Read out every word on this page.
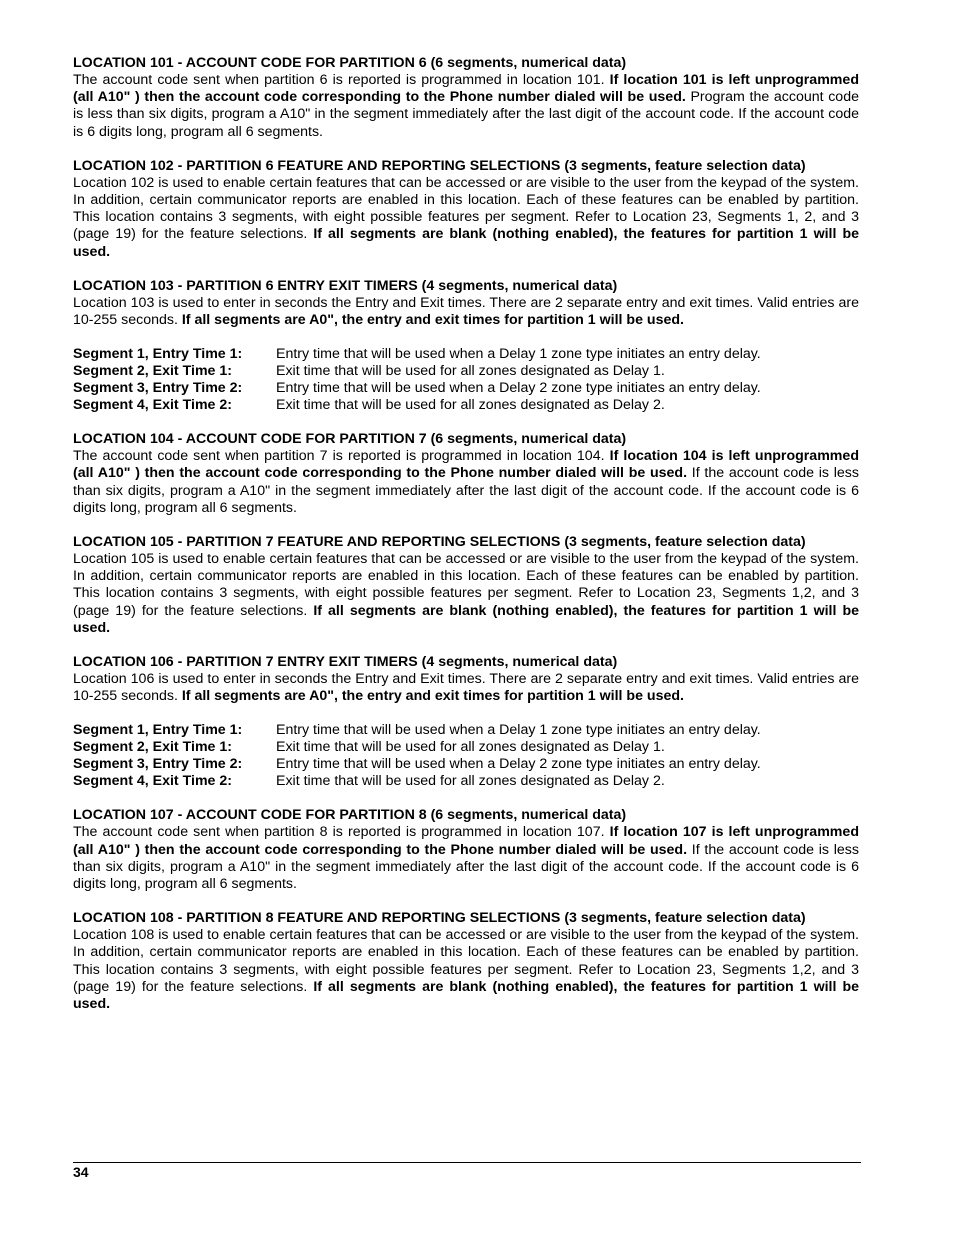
LOCATION 101 - ACCOUNT CODE FOR PARTITION 6 (6 segments, numerical data)

The account code sent when partition 6 is reported is programmed in location 101. If location 101 is left unprogrammed (all A10" ) then the account code corresponding to the Phone number dialed will be used. Program the account code is less than six digits, program a A10" in the segment immediately after the last digit of the account code. If the account code is 6 digits long, program all 6 segments.

LOCATION 102 - PARTITION 6 FEATURE AND REPORTING SELECTIONS (3 segments, feature selection data)

Location 102 is used to enable certain features that can be accessed or are visible to the user from the keypad of the system. In addition, certain communicator reports are enabled in this location. Each of these features can be enabled by partition. This location contains 3 segments, with eight possible features per segment. Refer to Location 23, Segments 1, 2, and 3 (page 19) for the feature selections. If all segments are blank (nothing enabled), the features for partition 1 will be used.

LOCATION 103 - PARTITION 6 ENTRY EXIT TIMERS (4 segments, numerical data)

Location 103 is used to enter in seconds the Entry and Exit times. There are 2 separate entry and exit times. Valid entries are 10-255 seconds. If all segments are A0", the entry and exit times for partition 1 will be used.

Segment 1, Entry Time 1:	Entry time that will be used when a Delay 1 zone type initiates an entry delay.
Segment 2, Exit Time 1:	Exit time that will be used for all zones designated as Delay 1.
Segment 3, Entry Time 2:	Entry time that will be used when a Delay 2 zone type initiates an entry delay.
Segment 4, Exit Time 2:	Exit time that will be used for all zones designated as Delay 2.
LOCATION 104 - ACCOUNT CODE FOR PARTITION 7 (6 segments, numerical data)

The account code sent when partition 7 is reported is programmed in location 104. If location 104 is left unprogrammed (all A10" ) then the account code corresponding to the Phone number dialed will be used. If the account code is less than six digits, program a A10" in the segment immediately after the last digit of the account code. If the account code is 6 digits long, program all 6 segments.

LOCATION 105 - PARTITION 7 FEATURE AND REPORTING SELECTIONS (3 segments, feature selection data)

Location 105 is used to enable certain features that can be accessed or are visible to the user from the keypad of the system. In addition, certain communicator reports are enabled in this location. Each of these features can be enabled by partition. This location contains 3 segments, with eight possible features per segment. Refer to Location 23, Segments 1,2, and 3 (page 19) for the feature selections. If all segments are blank (nothing enabled), the features for partition 1 will be used.

LOCATION 106 - PARTITION 7 ENTRY EXIT TIMERS (4 segments, numerical data)

Location 106 is used to enter in seconds the Entry and Exit times. There are 2 separate entry and exit times. Valid entries are 10-255 seconds. If all segments are A0", the entry and exit times for partition 1 will be used.

Segment 1, Entry Time 1:	Entry time that will be used when a Delay 1 zone type initiates an entry delay.
Segment 2, Exit Time 1:	Exit time that will be used for all zones designated as Delay 1.
Segment 3, Entry Time 2:	Entry time that will be used when a Delay 2 zone type initiates an entry delay.
Segment 4, Exit Time 2:	Exit time that will be used for all zones designated as Delay 2.
LOCATION 107 - ACCOUNT CODE FOR PARTITION 8 (6 segments, numerical data)

The account code sent when partition 8 is reported is programmed in location 107. If location 107 is left unprogrammed (all A10" ) then the account code corresponding to the Phone number dialed will be used. If the account code is less than six digits, program a A10" in the segment immediately after the last digit of the account code. If the account code is 6 digits long, program all 6 segments.

LOCATION 108 - PARTITION 8 FEATURE AND REPORTING SELECTIONS (3 segments, feature selection data)

Location 108 is used to enable certain features that can be accessed or are visible to the user from the keypad of the system. In addition, certain communicator reports are enabled in this location. Each of these features can be enabled by partition. This location contains 3 segments, with eight possible features per segment. Refer to Location 23, Segments 1,2, and 3 (page 19) for the feature selections. If all segments are blank (nothing enabled), the features for partition 1 will be used.

34
